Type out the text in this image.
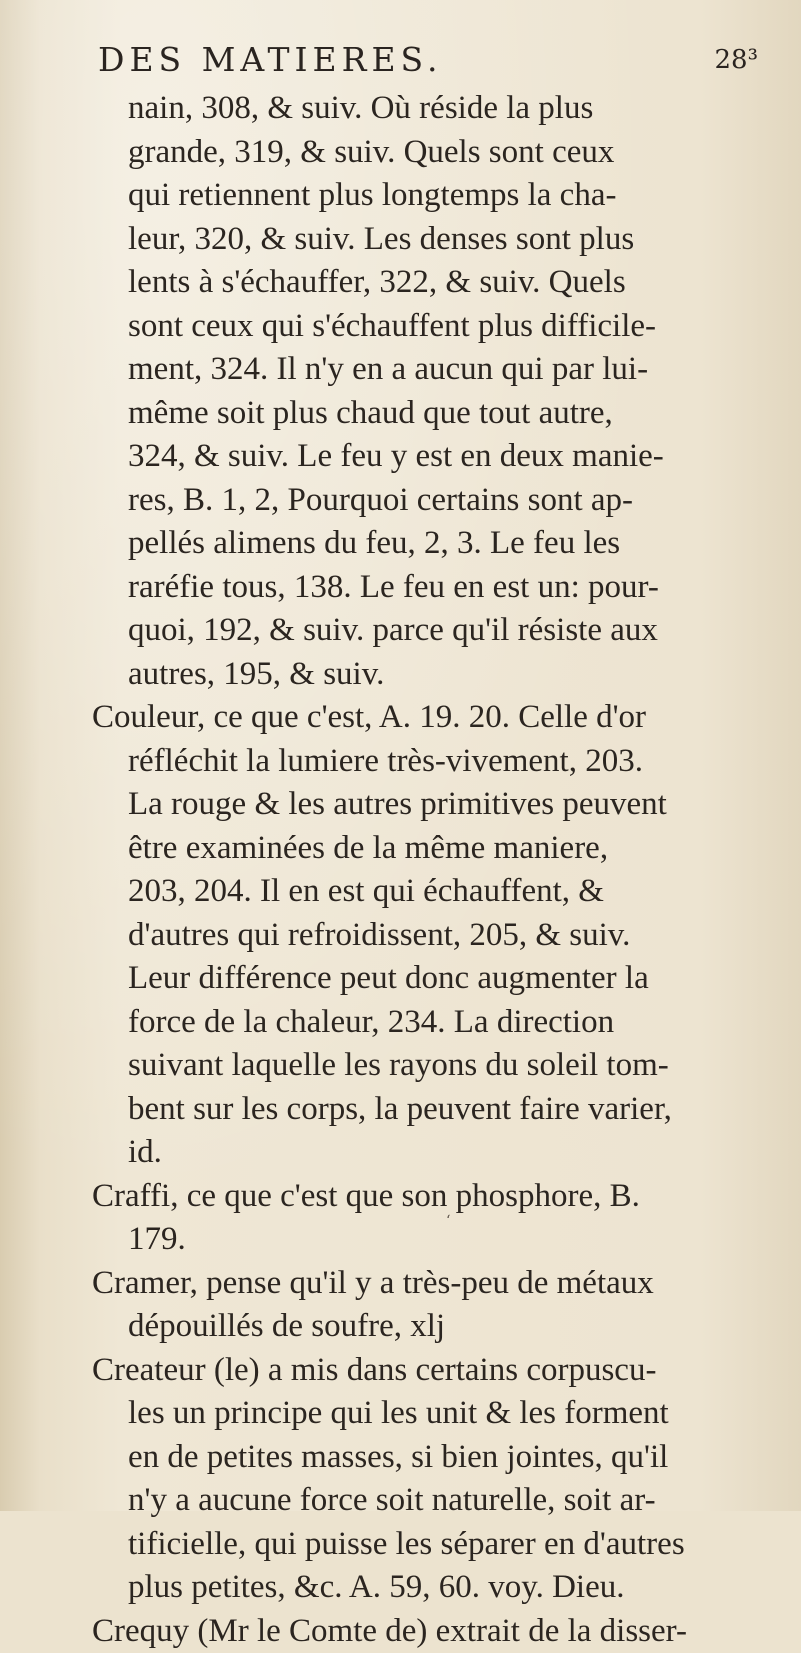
DES MATIERES.	28³
nain, 308, & suiv. Où réside la plus
grande, 319, & suiv. Quels sont ceux
qui retiennent plus longtemps la cha-
leur, 320, & suiv. Les denses sont plus
lents à s'échauffer, 322, & suiv. Quels
sont ceux qui s'échauffent plus difficile-
ment, 324. Il n'y en a aucun qui par lui-
même soit plus chaud que tout autre,
324, & suiv. Le feu y est en deux manie-
res, B. 1, 2, Pourquoi certains sont ap-
pellés alimens du feu, 2, 3. Le feu les
raréfie tous, 138. Le feu en est un: pour-
quoi, 192, & suiv. parce qu'il résiste aux
autres, 195, & suiv.
Couleur, ce que c'est, A. 19. 20. Celle d'or
réfléchit la lumiere très-vivement, 203.
La rouge & les autres primitives peuvent
être examinées de la même maniere,
203, 204. Il en est qui échauffent, &
d'autres qui refroidissent, 205, & suiv.
Leur différence peut donc augmenter la
force de la chaleur, 234. La direction
suivant laquelle les rayons du soleil tom-
bent sur les corps, la peuvent faire varier,
id.
Craffi, ce que c'est que son phosphore, B.
179.
Cramer, pense qu'il y a très-peu de métaux
dépouillés de soufre, xlj
Createur (le) a mis dans certains corpuscu-
les un principe qui les unit & les forment
en de petites masses, si bien jointes, qu'il
n'y a aucune force soit naturelle, soit ar-
tificielle, qui puisse les séparer en d'autres
plus petites, &c. A. 59, 60. voy. Dieu.
Crequy (Mr le Comte de) extrait de la disser-
‘
